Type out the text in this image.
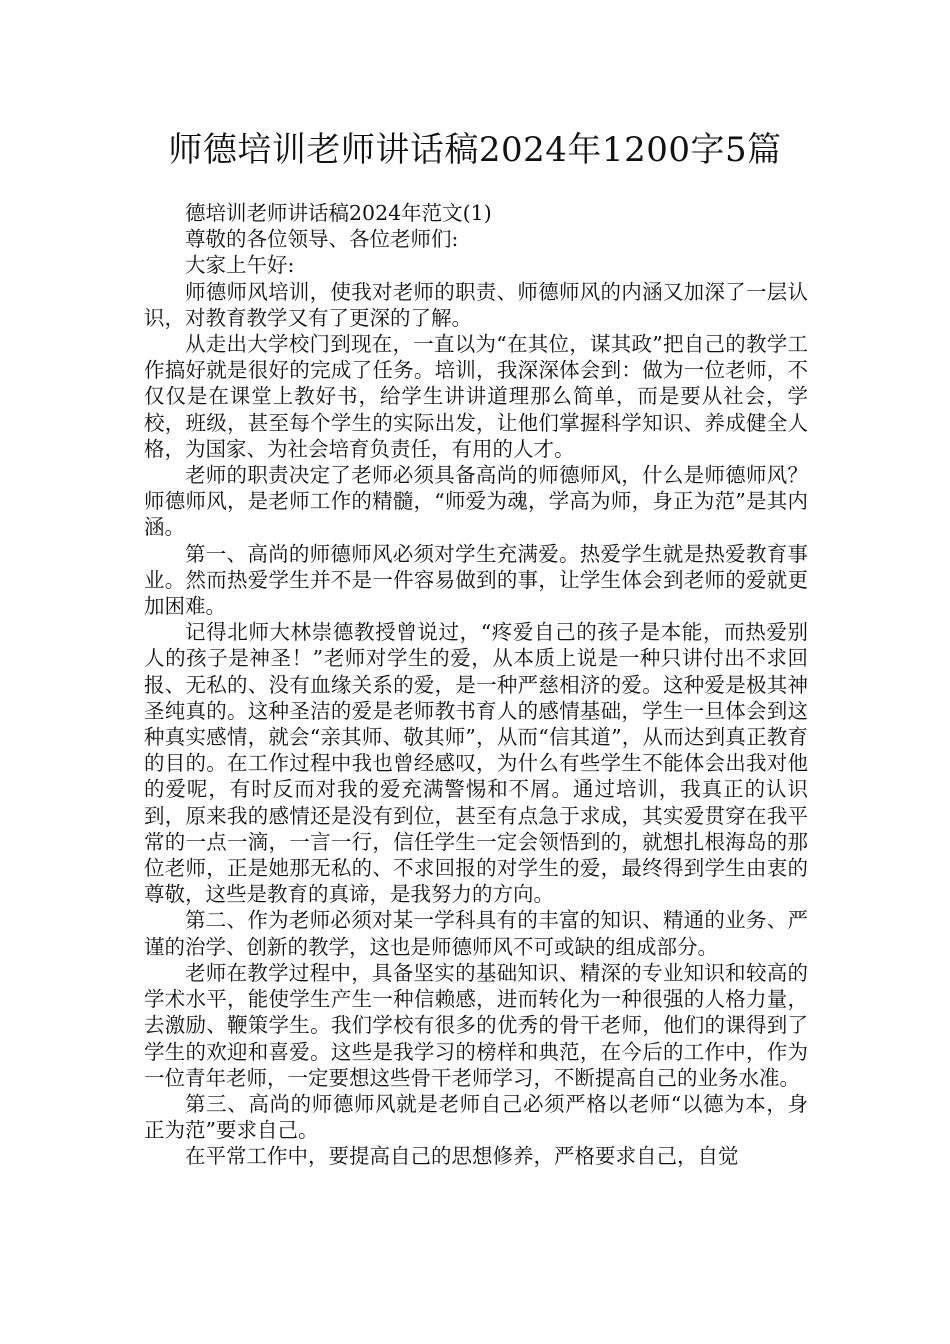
师德培训老师讲话稿2024年1200字5篇

德培训老师讲话稿2024年范文(1)

尊敬的各位领导、各位老师们:

大家上午好:

师德师风培训，使我对老师的职责、师德师风的内涵又加深了一层认识，对教育教学又有了更深的了解。

从走出大学校门到现在，一直以为“在其位，谋其政”把自己的教学工作搞好就是很好的完成了任务。培训，我深深体会到：做为一位老师，不仅仅是在课堂上教好书，给学生讲讲道理那么简单，而是要从社会，学校，班级，甚至每个学生的实际出发，让他们掌握科学知识、养成健全人格，为国家、为社会培育负责任，有用的人才。

老师的职责决定了老师必须具备高尚的师德师风，什么是师德师风？师德师风，是老师工作的精髓，“师爱为魂，学高为师，身正为范”是其内涵。

第一、高尚的师德师风必须对学生充满爱。热爱学生就是热爱教育事业。然而热爱学生并不是一件容易做到的事，让学生体会到老师的爱就更加困难。

记得北师大林崇德教授曾说过，“疼爱自己的孩子是本能，而热爱别人的孩子是神圣！”老师对学生的爱，从本质上说是一种只讲付出不求回报、无私的、没有血缘关系的爱，是一种严慈相济的爱。这种爱是极其神圣纯真的。这种圣洁的爱是老师教书育人的感情基础，学生一旦体会到这种真实感情，就会“亲其师、敬其师”，从而“信其道”，从而达到真正教育的目的。在工作过程中我也曾经感叹，为什么有些学生不能体会出我对他的爱呢，有时反而对我的爱充满警惕和不屑。通过培训，我真正的认识到，原来我的感情还是没有到位，甚至有点急于求成，其实爱贯穿在我平常的一点一滴，一言一行，信任学生一定会领悟到的，就想扎根海岛的那位老师，正是她那无私的、不求回报的对学生的爱，最终得到学生由衷的尊敬，这些是教育的真谛，是我努力的方向。

第二、作为老师必须对某一学科具有的丰富的知识、精通的业务、严谨的治学、创新的教学，这也是师德师风不可或缺的组成部分。

老师在教学过程中，具备坚实的基础知识、精深的专业知识和较高的学术水平，能使学生产生一种信赖感，进而转化为一种很强的人格力量，去激励、鞭策学生。我们学校有很多的优秀的骨干老师，他们的课得到了学生的欢迎和喜爱。这些是我学习的榜样和典范，在今后的工作中，作为一位青年老师，一定要想这些骨干老师学习，不断提高自己的业务水准。

第三、高尚的师德师风就是老师自己必须严格以老师“以德为本，身正为范”要求自己。

在平常工作中，要提高自己的思想修养，严格要求自己，自觉
